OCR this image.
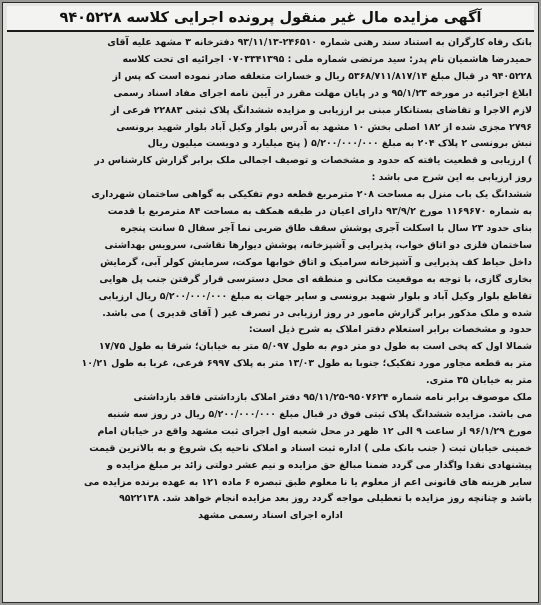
آگهی مزایده مال غیر منقول پرونده اجرایی کلاسه ۹۴۰۵۲۲۸
بانک رفاه کارگران به استناد سند رهنی شماره ۲۴۶۵۱۰-۹۳/۱۱/۱۳ دفترخانه ۳ مشهد علیه آقای
حمیدرضا هاشمیان نام پدر: سید مرتضی شماره ملی : ۰۷۰۳۳۴۱۳۹۵ اجرائیه ای تحت کلاسه
۹۴۰۵۲۲۸ در قبال مبلغ ۵۳۶۸/۷۱۱/۸۱۷/۱۴ ریال و خسارات متعلقه صادر نموده است که پس از
ابلاغ اجرائیه در مورخه ۹۵/۱/۲۳ و در پایان مهلت مقرر در آیین نامه اجرای مفاد اسناد رسمی
لازم الاجرا و تقاضای بستانکار مبنی بر ارزیابی و مزایده ششدانگ پلاک ثبتی ۲۲۸۸۳ فرعی از
۲۷۹۶ مجزی شده از ۱۸۲ اصلی بخش ۱۰ مشهد به آدرس بلوار وکیل آباد بلوار شهید برونسی
نبش برونسی ۲ پلاک ۲۰۴ به مبلغ ۵/۲۰۰/۰۰۰/۰۰۰ ( پنج میلیارد و دویست میلیون ریال
) ارزیابی و قطعیت یافته که حدود و مشخصات و توصیف اجمالی ملک برابر گزارش کارشناس در
روز ارزیابی به این شرح می باشد :
ششدانگ یک باب منزل به مساحت ۲۰۸ مترمربع قطعه دوم تفکیکی به گواهی ساختمان شهرداری
به شماره ۱۱۶۹۶۷۰ مورخ ۹۳/۹/۲ دارای اعیان در طبقه همکف به مساحت ۸۴ مترمربع با قدمت
بنای حدود ۲۳ سال با اسکلت آجری پوشش سقف طاق ضربی نما آجر سفال ۵ سانت پنجره
ساختمان فلزی دو اتاق خواب، پذیرایی و آشپزخانه، پوشش دیوارها نقاشی، سرویس بهداشتی
داخل حیاط کف پذیرایی و آشپزخانه سرامیک و اتاق خوابها موکت، سرمایش کولر آبی، گرمایش
بخاری گازی، با توجه به موقعیت مکانی و منطقه ای محل دسترسی قرار گرفتن جنب پل هوایی
تقاطع بلوار وکیل آباد و بلوار شهید برونسی و سایر جهات به مبلغ ۵/۲۰۰/۰۰۰/۰۰۰ ریال ارزیابی
شده و ملک مذکور برابر گزارش مامور در روز ارزیابی در تصرف غیر ( آقای قدیری ) می باشد.
حدود و مشخصات برابر استعلام دفتر املاک به شرح ذیل است:
شمالا اول که پخی است به طول دو متر دوم به طول ۵/۰۹۷ متر به خیابان؛ شرقا به طول ۱۷/۷۵
متر به قطعه مجاور مورد تفکیک؛ جنوبا به طول ۱۳/۰۳ متر به پلاک ۶۹۹۷ فرعی، غربا به طول ۱۰/۲۱
متر به خیابان ۳۵ متری.
ملک موصوف برابر نامه شماره ۹۵۰۷۶۲۴-۹۵/۱۱/۲۵ دفتر املاک بازداشتی فاقد بازداشتی
می باشد. مزایده ششدانگ پلاک ثبتی فوق در قبال مبلغ ۵/۲۰۰/۰۰۰/۰۰۰ ریال در روز سه شنبه
مورخ ۹۶/۱/۲۹ از ساعت ۹ الی ۱۲ ظهر در محل شعبه اول اجرای ثبت مشهد واقع در خیابان امام
خمینی خیابان ثبت ( جنب بانک ملی ) اداره ثبت اسناد و املاک ناحیه یک شروع و به بالاترین قیمت
پیشنهادی نقدا واگذار می گردد ضمنا مبالغ حق مزایده و نیم عشر دولتی زائد بر مبلغ مزایده و
سایر هزینه های قانونی اعم از معلوم یا نا معلوم طبق تبصره ۶ ماده ۱۲۱ به عهده برنده مزایده می
باشد و چنانچه روز مزایده با تعطیلی مواجه گردد روز بعد مزایده انجام خواهد شد. ۹۵۲۲۱۳۸
اداره اجرای اسناد رسمی مشهد
